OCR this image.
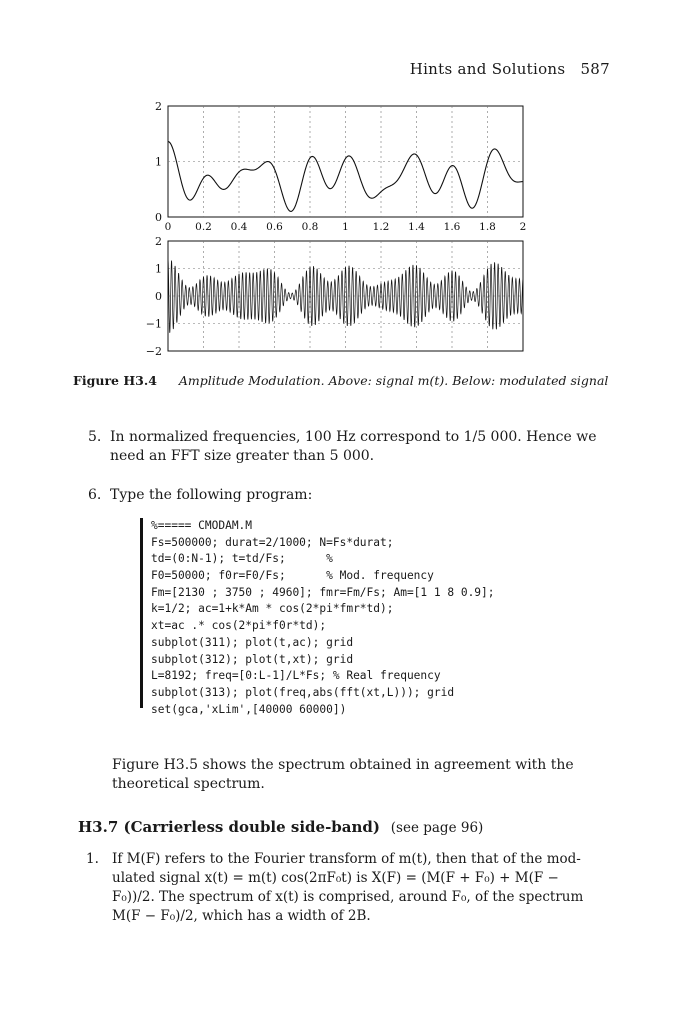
Hints and Solutions 587
2
1
0
0 0.2 0.4 0.6 0.8 1 1.2 1.4 1.6 1.8 2
2
1
0
−1
−2
Figure H3.4 Amplitude Modulation. Above: signal m(t). Below: modulated signal
5. In normalized frequencies, 100 Hz correspond to 1/5 000. Hence we need an FFT size greater than 5 000.
6. Type the following program:
%===== CMODAM.M
Fs=500000; durat=2/1000; N=Fs*durat;
td=(0:N-1); t=td/Fs;      %
F0=50000; f0r=F0/Fs;      % Mod. frequency
Fm=[2130 ; 3750 ; 4960]; fmr=Fm/Fs; Am=[1 1 8 0.9];
k=1/2; ac=1+k*Am * cos(2*pi*fmr*td);
xt=ac .* cos(2*pi*f0r*td);
subplot(311); plot(t,ac); grid
subplot(312); plot(t,xt); grid
L=8192; freq=[0:L-1]/L*Fs; % Real frequency
subplot(313); plot(freq,abs(fft(xt,L))); grid
set(gca,'xLim',[40000 60000])
Figure H3.5 shows the spectrum obtained in agreement with the theoretical spectrum.
H3.7 (Carrierless double side-band) (see page 96)
1. If M(F) refers to the Fourier transform of m(t), then that of the mod-
ulated signal x(t) = m(t) cos(2πF₀t) is X(F) = (M(F + F₀) + M(F −
F₀))/2. The spectrum of x(t) is comprised, around F₀, of the spectrum
M(F − F₀)/2, which has a width of 2B.
